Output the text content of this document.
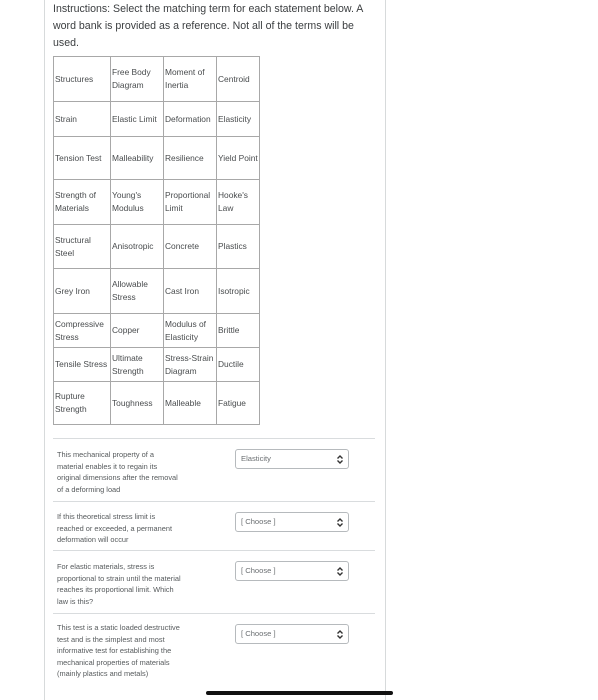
Instructions: Select the matching term for each statement below. A word bank is provided as a reference. Not all of the terms will be used.
Structures	Free Body Diagram	Moment of Inertia	Centroid
Strain	Elastic Limit	Deformation	Elasticity
Tension Test	Malleability	Resilience	Yield Point
Strength of Materials	Young's Modulus	Proportional Limit	Hooke's Law
Structural Steel	Anisotropic	Concrete	Plastics
Grey Iron	Allowable Stress	Cast Iron	Isotropic
Compressive Stress	Copper	Modulus of Elasticity	Brittle
Tensile Stress	Ultimate Strength	Stress-Strain Diagram	Ductile
Rupture Strength	Toughness	Malleable	Fatigue
This mechanical property of a material enables it to regain its original dimensions after the removal of a deforming load
Elasticity
If this theoretical stress limit is reached or exceeded, a permanent deformation will occur
[ Choose ]
For elastic materials, stress is proportional to strain until the material reaches its proportional limit. Which law is this?
[ Choose ]
This test is a static loaded destructive test and is the simplest and most informative test for establishing the mechanical properties of materials (mainly plastics and metals)
[ Choose ]
